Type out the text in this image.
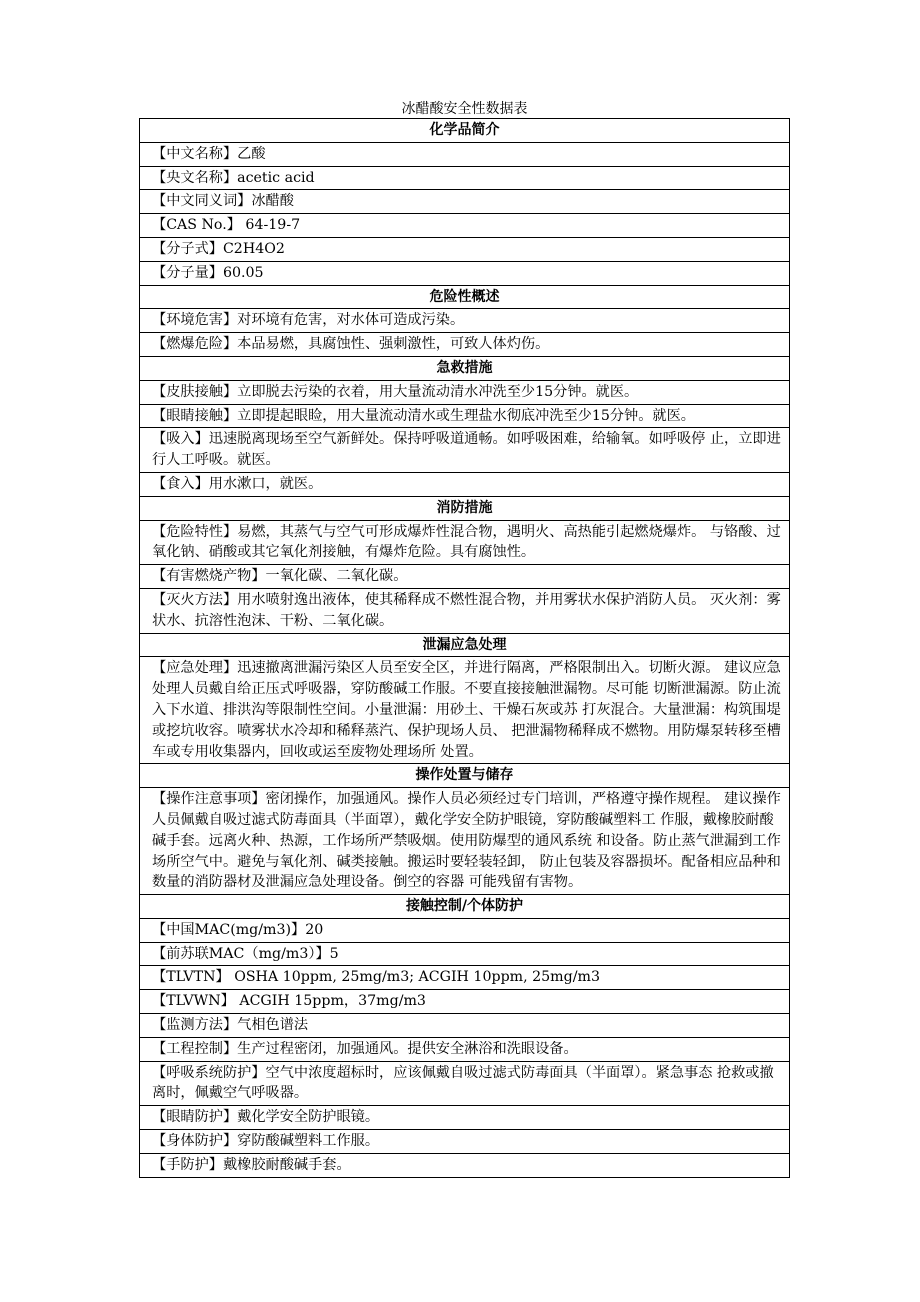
冰醋酸安全性数据表
化学品简介
【中文名称】乙酸
【央文名称】acetic acid
【中文同义词】冰醋酸
【CAS No.】 64-19-7
【分子式】C2H4O2
【分子量】60.05
危险性概述
【环境危害】对环境有危害，对水体可造成污染。
【燃爆危险】本品易燃，具腐蚀性、强刺激性，可致人体灼伤。
急救措施
【皮肤接触】立即脱去污染的衣着，用大量流动清水冲洗至少15分钟。就医。
【眼睛接触】立即提起眼睑，用大量流动清水或生理盐水彻底冲洗至少15分钟。就医。
【吸入】迅速脱离现场至空气新鲜处。保持呼吸道通畅。如呼吸困难，给输氧。如呼吸停 止，立即进行人工呼吸。就医。
【食入】用水漱口，就医。
消防措施
【危险特性】易燃，其蒸气与空气可形成爆炸性混合物，遇明火、高热能引起燃烧爆炸。 与铬酸、过氧化钠、硝酸或其它氧化剂接触，有爆炸危险。具有腐蚀性。
【有害燃烧产物】一氧化碳、二氧化碳。
【灭火方法】用水喷射逸出液体，使其稀释成不燃性混合物，并用雾状水保护消防人员。 灭火剂：雾状水、抗溶性泡沫、干粉、二氧化碳。
泄漏应急处理
【应急处理】迅速撤离泄漏污染区人员至安全区，并进行隔离，严格限制出入。切断火源。 建议应急处理人员戴自给正压式呼吸器，穿防酸碱工作服。不要直接接触泄漏物。尽可能 切断泄漏源。防止流入下水道、排洪沟等限制性空间。小量泄漏：用砂土、干燥石灰或苏 打灰混合。大量泄漏：构筑围堤或挖坑收容。喷雾状水冷却和稀释蒸汽、保护现场人员、 把泄漏物稀释成不燃物。用防爆泵转移至槽车或专用收集器内，回收或运至废物处理场所 处置。
操作处置与储存
【操作注意事项】密闭操作，加强通风。操作人员必须经过专门培训，严格遵守操作规程。 建议操作人员佩戴自吸过滤式防毒面具（半面罩），戴化学安全防护眼镜，穿防酸碱塑料工 作服，戴橡胶耐酸碱手套。远离火种、热源，工作场所严禁吸烟。使用防爆型的通风系统 和设备。防止蒸气泄漏到工作场所空气中。避免与氧化剂、碱类接触。搬运时要轻装轻卸， 防止包装及容器损坏。配备相应品种和数量的消防器材及泄漏应急处理设备。倒空的容器 可能残留有害物。
接触控制/个体防护
【中国MAC(mg/m3)】20
【前苏联MAC（mg/m3）】5
【TLVTN】 OSHA 10ppm, 25mg/m3; ACGIH 10ppm, 25mg/m3
【TLVWN】 ACGIH 15ppm，37mg/m3
【监测方法】气相色谱法
【工程控制】生产过程密闭，加强通风。提供安全淋浴和洗眼设备。
【呼吸系统防护】空气中浓度超标时，应该佩戴自吸过滤式防毒面具（半面罩）。紧急事态 抢救或撤离时，佩戴空气呼吸器。
【眼睛防护】戴化学安全防护眼镜。
【身体防护】穿防酸碱塑料工作服。
【手防护】戴橡胶耐酸碱手套。
